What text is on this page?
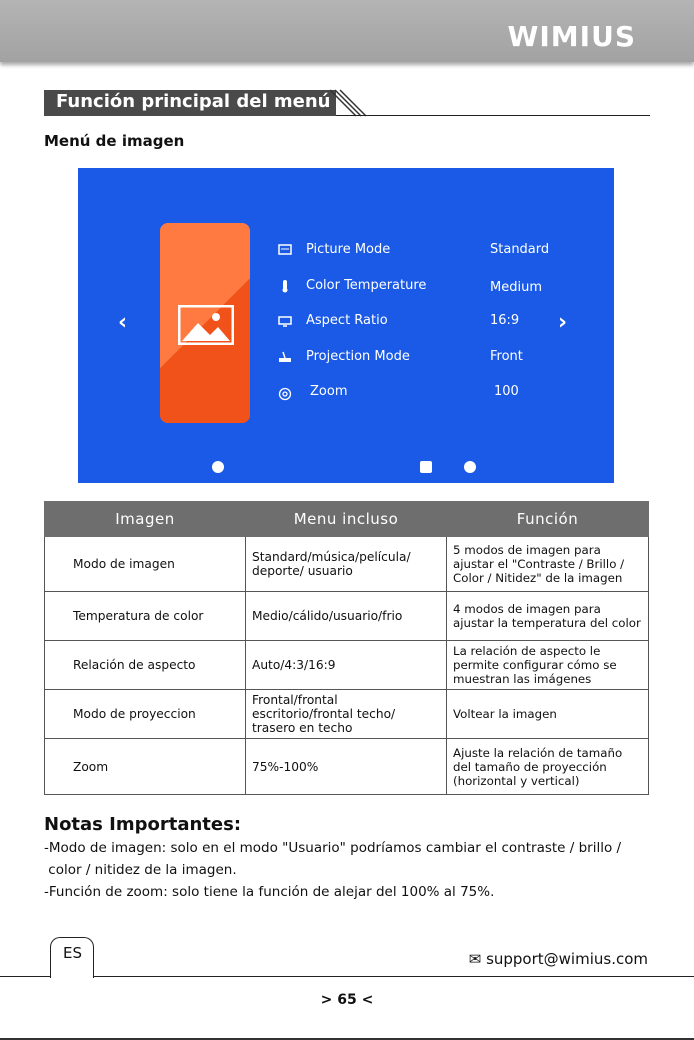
WIMIUS
Función principal del menú
Menú de imagen
‹	›
Picture Mode	Standard
Color Temperature	Medium
Aspect Ratio	16:9
Projection Mode	Front
Zoom	100
Imagen	Menu incluso	Función
Modo de imagen	Standard/música/película/ deporte/ usuario	5 modos de imagen para ajustar el "Contraste / Brillo / Color / Nitidez" de la imagen
Temperatura de color	Medio/cálido/usuario/frio	4 modos de imagen para ajustar la temperatura del color
Relación de aspecto	Auto/4:3/16:9	La relación de aspecto le permite configurar cómo se muestran las imágenes
Modo de proyeccion	Frontal/frontal escritorio/frontal techo/ trasero en techo	Voltear la imagen
Zoom	75%-100%	Ajuste la relación de tamaño del tamaño de proyección (horizontal y vertical)
Notas Importantes:
-Modo de imagen: solo en el modo "Usuario" podríamos cambiar el contraste / brillo /
color / nitidez de la imagen.
-Función de zoom: solo tiene la función de alejar del 100% al 75%.
ES	✉ support@wimius.com
> 65 <
